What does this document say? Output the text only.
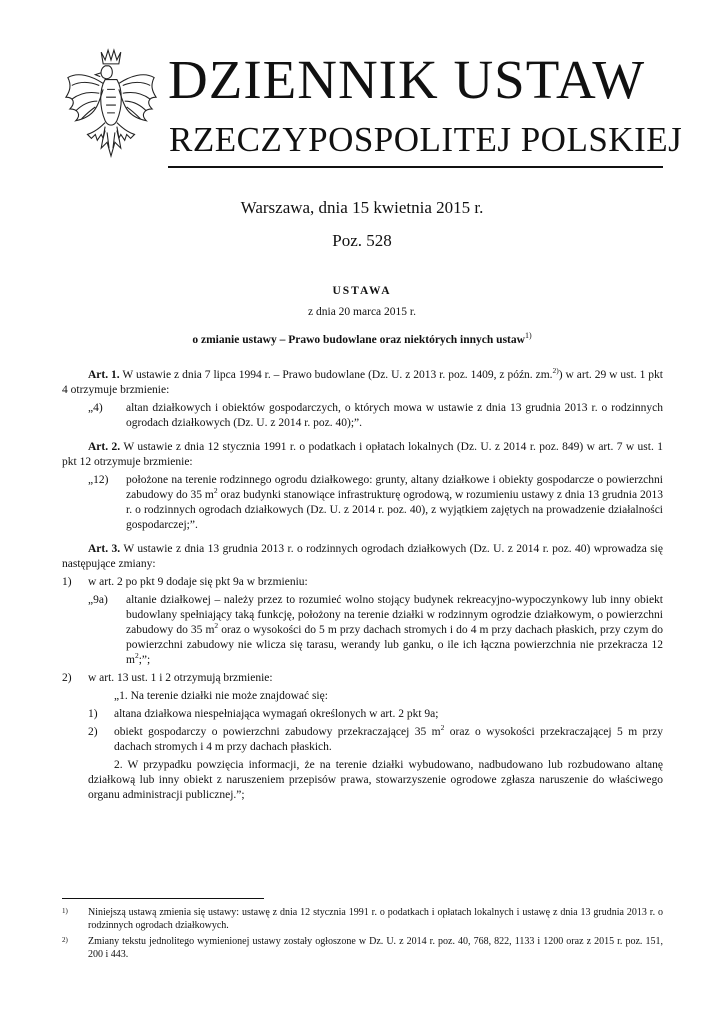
DZIENNIK USTAW
RZECZYPOSPOLITEJ POLSKIEJ
Warszawa, dnia 15 kwietnia 2015 r.
Poz. 528
USTAWA
z dnia 20 marca 2015 r.
o zmianie ustawy – Prawo budowlane oraz niektórych innych ustaw$^{1)}$

Art. 1. W ustawie z dnia 7 lipca 1994 r. – Prawo budowlane (Dz. U. z 2013 r. poz. 1409, z późn. zm.$^{2)}$) w art. 29 w ust. 1 pkt 4 otrzymuje brzmienie:

„4)	altan działkowych i obiektów gospodarczych, o których mowa w ustawie z dnia 13 grudnia 2013 r. o rodzinnych ogrodach działkowych (Dz. U. z 2014 r. poz. 40);”.

Art. 2. W ustawie z dnia 12 stycznia 1991 r. o podatkach i opłatach lokalnych (Dz. U. z 2014 r. poz. 849) w art. 7 w ust. 1 pkt 12 otrzymuje brzmienie:

„12)	położone na terenie rodzinnego ogrodu działkowego: grunty, altany działkowe i obiekty gospodarcze o powierzchni zabudowy do 35 $m^2$ oraz budynki stanowiące infrastrukturę ogrodową, w rozumieniu ustawy z dnia 13 grudnia 2013 r. o rodzinnych ogrodach działkowych (Dz. U. z 2014 r. poz. 40), z wyjątkiem zajętych na prowadzenie działalności gospodarczej;”.

Art. 3. W ustawie z dnia 13 grudnia 2013 r. o rodzinnych ogrodach działkowych (Dz. U. z 2014 r. poz. 40) wprowadza się następujące zmiany:

1)	w art. 2 po pkt 9 dodaje się pkt 9a w brzmieniu:
„9a)	altanie działkowej – należy przez to rozumieć wolno stojący budynek rekreacyjno-wypoczynkowy lub inny obiekt budowlany spełniający taką funkcję, położony na terenie działki w rodzinnym ogrodzie działkowym, o powierzchni zabudowy do 35 $m^2$ oraz o wysokości do 5 m przy dachach stromych i do 4 m przy dachach płaskich, przy czym do powierzchni zabudowy nie wlicza się tarasu, werandy lub ganku, o ile ich łączna powierzchnia nie przekracza 12 $m^2$;”;
2)	w art. 13 ust. 1 i 2 otrzymują brzmienie:

„1. Na terenie działki nie może znajdować się:

1)	altana działkowa niespełniająca wymagań określonych w art. 2 pkt 9a;
2)	obiekt gospodarczy o powierzchni zabudowy przekraczającej 35 $m^2$ oraz o wysokości przekraczającej 5 m przy dachach stromych i 4 m przy dachach płaskich.

2. W przypadku powzięcia informacji, że na terenie działki wybudowano, nadbudowano lub rozbudowano altanę działkową lub inny obiekt z naruszeniem przepisów prawa, stowarzyszenie ogrodowe zgłasza naruszenie do właściwego organu administracji publicznej.”;

1)	Niniejszą ustawą zmienia się ustawy: ustawę z dnia 12 stycznia 1991 r. o podatkach i opłatach lokalnych i ustawę z dnia 13 grudnia 2013 r. o rodzinnych ogrodach działkowych.
2)	Zmiany tekstu jednolitego wymienionej ustawy zostały ogłoszone w Dz. U. z 2014 r. poz. 40, 768, 822, 1133 i 1200 oraz z 2015 r. poz. 151, 200 i 443.
